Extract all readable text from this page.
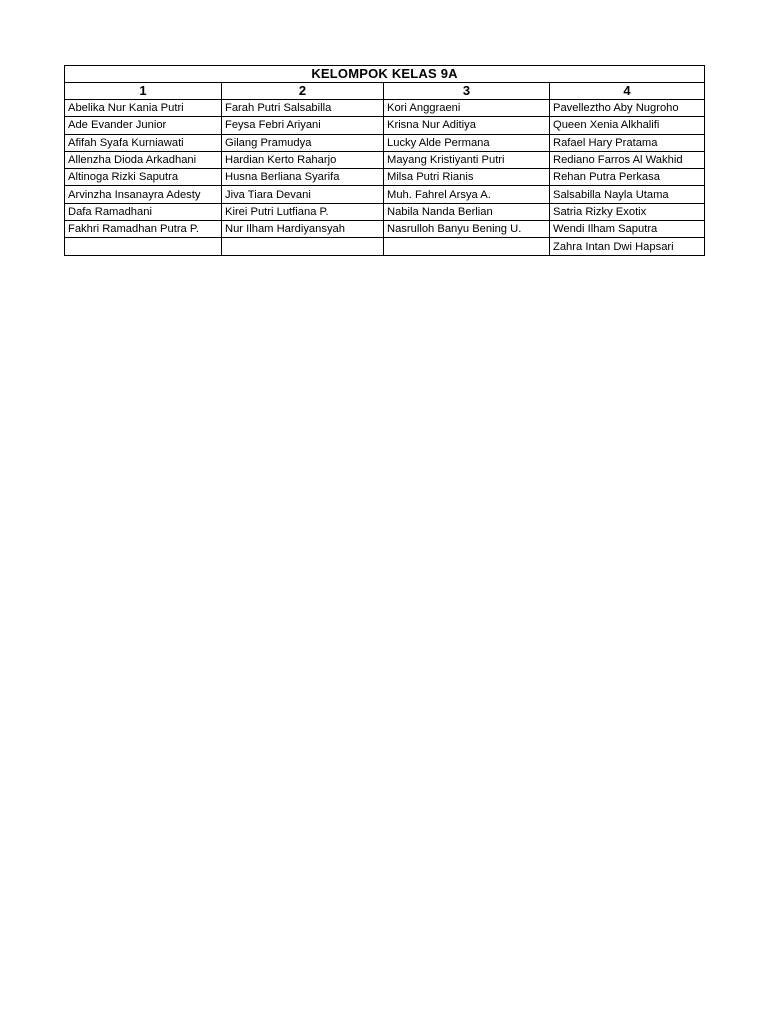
KELOMPOK KELAS 9A			
1	2	3	4
Abelika Nur Kania Putri	Farah Putri Salsabilla	Kori Anggraeni	Pavelleztho Aby Nugroho
Ade Evander Junior	Feysa Febri Ariyani	Krisna Nur Aditiya	Queen Xenia Alkhalifi
Afifah Syafa Kurniawati	Gilang Pramudya	Lucky Alde Permana	Rafael Hary Pratama
Allenzha Dioda Arkadhani	Hardian Kerto Raharjo	Mayang Kristiyanti Putri	Rediano Farros Al Wakhid
Altinoga Rizki Saputra	Husna Berliana Syarifa	Milsa Putri Rianis	Rehan Putra Perkasa
Arvinzha Insanayra Adesty	Jiva Tiara Devani	Muh. Fahrel Arsya A.	Salsabilla Nayla Utama
Dafa Ramadhani	Kirei Putri Lutfiana P.	Nabila Nanda Berlian	Satria Rizky Exotix
Fakhri Ramadhan Putra P.	Nur Ilham Hardiyansyah	Nasrulloh Banyu Bening U.	Wendi Ilham Saputra
			Zahra Intan Dwi Hapsari
